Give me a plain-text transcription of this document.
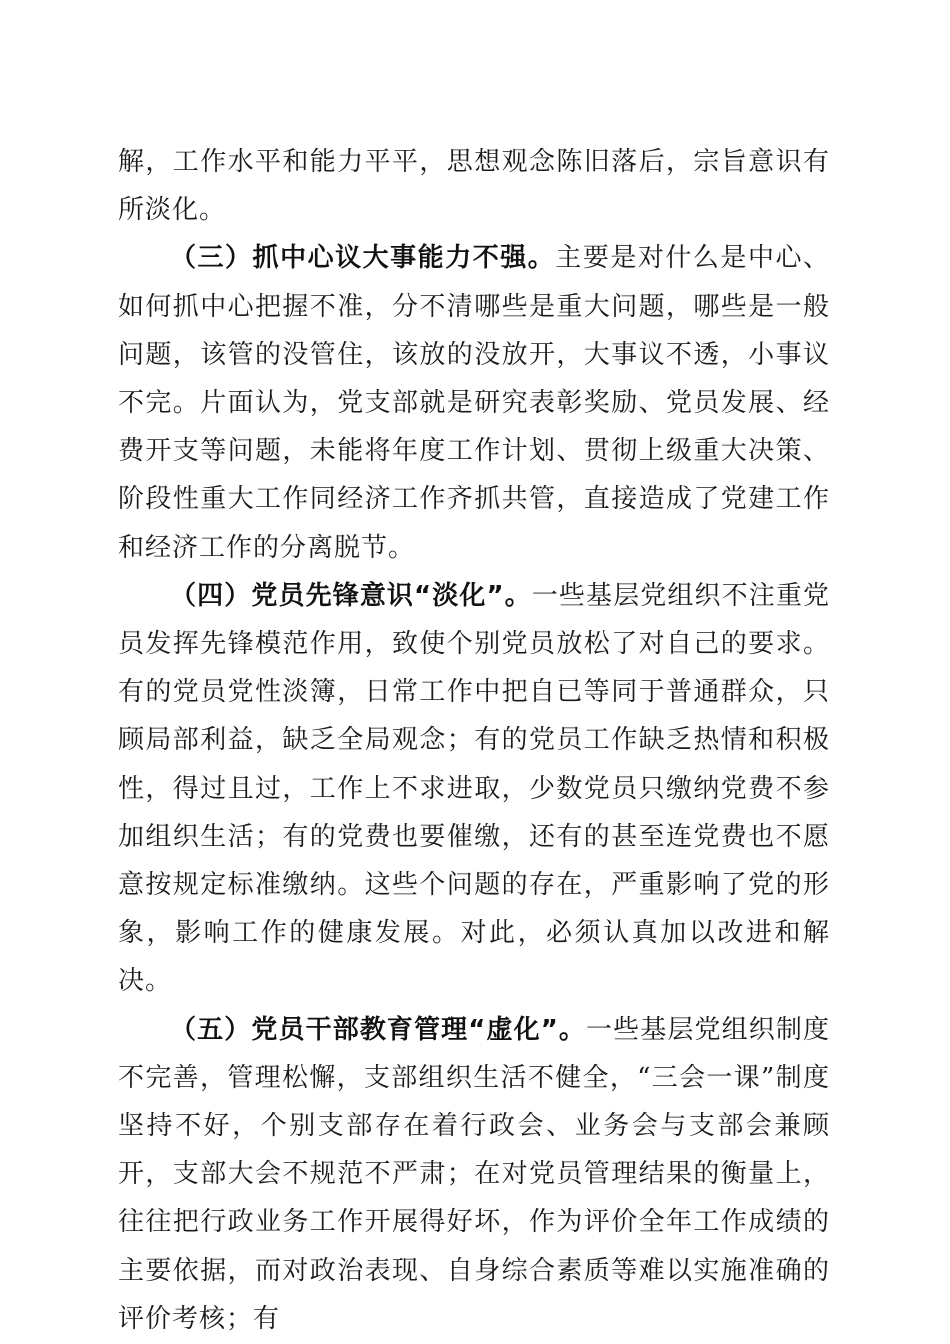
解，工作水平和能力平平，思想观念陈旧落后，宗旨意识有所淡化。

（三）抓中心议大事能力不强。主要是对什么是中心、如何抓中心把握不准，分不清哪些是重大问题，哪些是一般问题，该管的没管住，该放的没放开，大事议不透，小事议不完。片面认为，党支部就是研究表彰奖励、党员发展、经费开支等问题，未能将年度工作计划、贯彻上级重大决策、阶段性重大工作同经济工作齐抓共管，直接造成了党建工作和经济工作的分离脱节。

（四）党员先锋意识“淡化”。一些基层党组织不注重党员发挥先锋模范作用，致使个别党员放松了对自己的要求。有的党员党性淡簿，日常工作中把自已等同于普通群众，只顾局部利益，缺乏全局观念；有的党员工作缺乏热情和积极性，得过且过，工作上不求进取，少数党员只缴纳党费不参加组织生活；有的党费也要催缴，还有的甚至连党费也不愿意按规定标准缴纳。这些个问题的存在，严重影响了党的形象，影响工作的健康发展。对此，必须认真加以改进和解决。

（五）党员干部教育管理“虚化”。一些基层党组织制度不完善，管理松懈，支部组织生活不健全，“三会一课”制度坚持不好，个别支部存在着行政会、业务会与支部会兼顾开，支部大会不规范不严肃；在对党员管理结果的衡量上，往往把行政业务工作开展得好坏，作为评价全年工作成绩的主要依据，而对政治表现、自身综合素质等难以实施准确的评价考核；有
